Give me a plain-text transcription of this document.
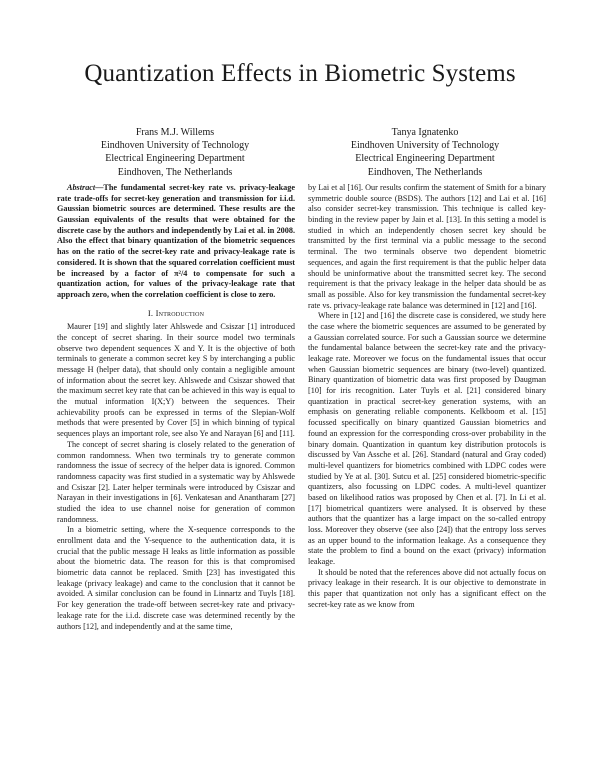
Quantization Effects in Biometric Systems
Frans M.J. Willems
Eindhoven University of Technology
Electrical Engineering Department
Eindhoven, The Netherlands
Tanya Ignatenko
Eindhoven University of Technology
Electrical Engineering Department
Eindhoven, The Netherlands

Abstract—The fundamental secret-key rate vs. privacy-leakage rate trade-offs for secret-key generation and transmission for i.i.d. Gaussian biometric sources are determined. These results are the Gaussian equivalents of the results that were obtained for the discrete case by the authors and independently by Lai et al. in 2008. Also the effect that binary quantization of the biometric sequences has on the ratio of the secret-key rate and privacy-leakage rate is considered. It is shown that the squared correlation coefficient must be increased by a factor of π²/4 to compensate for such a quantization action, for values of the privacy-leakage rate that approach zero, when the correlation coefficient is close to zero.

I. Introduction

Maurer [19] and slightly later Ahlswede and Csiszar [1] introduced the concept of secret sharing. In their source model two terminals observe two dependent sequences X and Y. It is the objective of both terminals to generate a common secret key S by interchanging a public message H (helper data), that should only contain a negligible amount of information about the secret key. Ahlswede and Csiszar showed that the maximum secret key rate that can be achieved in this way is equal to the mutual information I(X;Y) between the sequences. Their achievability proofs can be expressed in terms of the Slepian-Wolf methods that were presented by Cover [5] in which binning of typical sequences plays an important role, see also Ye and Narayan [6] and [11].

The concept of secret sharing is closely related to the generation of common randomness. When two terminals try to generate common randomness the issue of secrecy of the helper data is ignored. Common randomness capacity was first studied in a systematic way by Ahlswede and Csiszar [2]. Later helper terminals were introduced by Csiszar and Narayan in their investigations in [6]. Venkatesan and Anantharam [27] studied the idea to use channel noise for generation of common randomness.

In a biometric setting, where the X-sequence corresponds to the enrollment data and the Y-sequence to the authentication data, it is crucial that the public message H leaks as little information as possible about the biometric data. The reason for this is that compromised biometric data cannot be replaced. Smith [23] has investigated this leakage (privacy leakage) and came to the conclusion that it cannot be avoided. A similar conclusion can be found in Linnartz and Tuyls [18]. For key generation the trade-off between secret-key rate and privacy-leakage rate for the i.i.d. discrete case was determined recently by the authors [12], and independently and at the same time,

by Lai et al [16]. Our results confirm the statement of Smith for a binary symmetric double source (BSDS). The authors [12] and Lai et al. [16] also consider secret-key transmission. This technique is called key-binding in the review paper by Jain et al. [13]. In this setting a model is studied in which an independently chosen secret key should be transmitted by the first terminal via a public message to the second terminal. The two terminals observe two dependent biometric sequences, and again the first requirement is that the public helper data should be uninformative about the transmitted secret key. The second requirement is that the privacy leakage in the helper data should be as small as possible. Also for key transmission the fundamental secret-key rate vs. privacy-leakage rate balance was determined in [12] and [16].

Where in [12] and [16] the discrete case is considered, we study here the case where the biometric sequences are assumed to be generated by a Gaussian correlated source. For such a Gaussian source we determine the fundamental balance between the secret-key rate and the privacy-leakage rate. Moreover we focus on the fundamental issues that occur when Gaussian biometric sequences are binary (two-level) quantized. Binary quantization of biometric data was first proposed by Daugman [10] for iris recognition. Later Tuyls et al. [21] considered binary quantization in practical secret-key generation systems, with an emphasis on generating reliable components. Kelkboom et al. [15] focussed specifically on binary quantized Gaussian biometrics and found an expression for the corresponding cross-over probability in the binary domain. Quantization in quantum key distribution protocols is discussed by Van Assche et al. [26]. Standard (natural and Gray coded) multi-level quantizers for biometrics combined with LDPC codes were studied by Ye at al. [30]. Sutcu et al. [25] considered biometric-specific quantizers, also focussing on LDPC codes. A multi-level quantizer based on likelihood ratios was proposed by Chen et al. [7]. In Li et al. [17] biometrical quantizers were analysed. It is observed by these authors that the quantizer has a large impact on the so-called entropy loss. Moreover they observe (see also [24]) that the entropy loss serves as an upper bound to the information leakage. As a consequence they state the problem to find a bound on the exact (privacy) information leakage.

It should be noted that the references above did not actually focus on privacy leakage in their research. It is our objective to demonstrate in this paper that quantization not only has a significant effect on the secret-key rate as we know from
